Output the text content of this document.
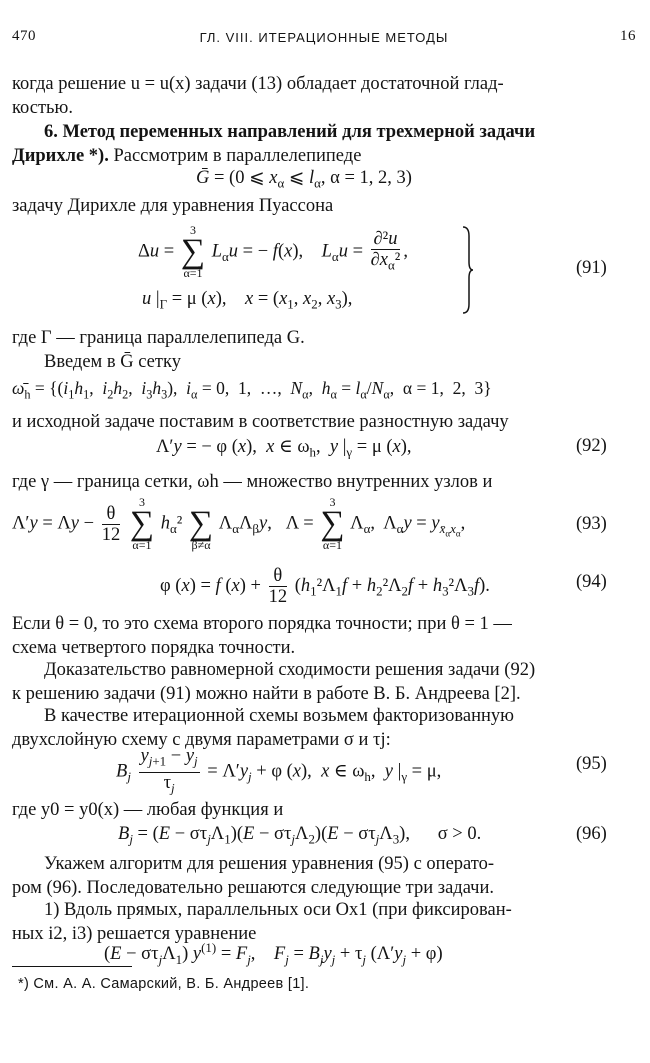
470	ГЛ. VIII. ИТЕРАЦИОННЫЕ МЕТОДЫ	16
когда решение u = u(x) задачи (13) обладает достаточной глад-
костью.
6. Метод переменных направлений для трехмерной задачи
Дирихле *). Рассмотрим в параллелепипеде
Ḡ = (0 ⩽ $x_\alpha$ ⩽ $l_\alpha$, α = 1, 2, 3)
задачу Дирихле для уравнения Пуассона
Δu =
3
∑
α=1
$L_\alpha u$ = − f(x),    $L_\alpha u = \frac{\text{∂²u}}{\partial x_\alpha^2}$ ,
u $|_\Gamma = \mu$ (x),    $x = (x_1$, $x_2$, $x_3$),
(91)
где Γ — граница параллелепипеда G.
Введем в Ḡ сетку
$\omegā_h = \{(i_1h_1$,  $i_2h_2$,  $i_3h_3$),  $i_\alpha = 0$,  1,  …,  $N_\alpha$,  $h_\alpha = l_\alpha/N_\alpha$,  α = 1,  2,  3}
и исходной задаче поставим в соответствие разностную задачу
Λ′y = − φ (x),  x ∈ $\omega_h$,  y $|_\gamma = \mu$ (x),	(92)
где γ — граница сетки, ωh — множество внутренних узлов и
$\Lambda'y = \Lambda y - \frac{\theta}{12}$

3
∑
α=1
$h_\alpha^2$
∑
β≠α
$\Lambda_\alpha\Lambda_\beta y$,   Λ =
3
∑
α=1
$\Lambda_\alpha$,  $\Lambda_\alpha y = y_{x̄_\alpha x_\alpha}$,	(93)
φ (x) = f $(x) + \frac{\theta}{12} (h_1^2\Lambda_1f + h_2^2\Lambda_2f + h_3^2\Lambda_3f)$.	(94)
Если θ = 0, то это схема второго порядка точности; при θ = 1 —
схема четвертого порядка точности.
Доказательство равномерной сходимости решения задачи (92)
к решению задачи (91) можно найти в работе В. Б. Андреева [2].
В качестве итерационной схемы возьмем факторизованную
двухслойную схему с двумя параметрами σ и τj:
$B_j \frac{y_{j+1} - y_j}{\tau_j} = \Lambda'y_j + \varphi$ (x),  x ∈ $\omega_h$,  y $|_\gamma = \mu$,	(95)
где y0 = y0(x) — любая функция и
$B_j = (E - \sigma\tau_j\Lambda_1)(E - \sigma\tau_j\Lambda_2)(E - \sigma\tau_j\Lambda_3)$,      σ > 0.	(96)
Укажем алгоритм для решения уравнения (95) с операто-
ром (96). Последовательно решаются следующие три задачи.
1) Вдоль прямых, параллельных оси Ox1 (при фиксирован-
ных i2, i3) решается уравнение
$(E - \sigma\tau_j\Lambda_1)$ $y^{(1)} = F_j$,    $F_j = B_jy_j + \tau_j$ $(\Lambda'y_j + \varphi)$
*) См. А. А. Самарский, В. Б. Андреев [1].
